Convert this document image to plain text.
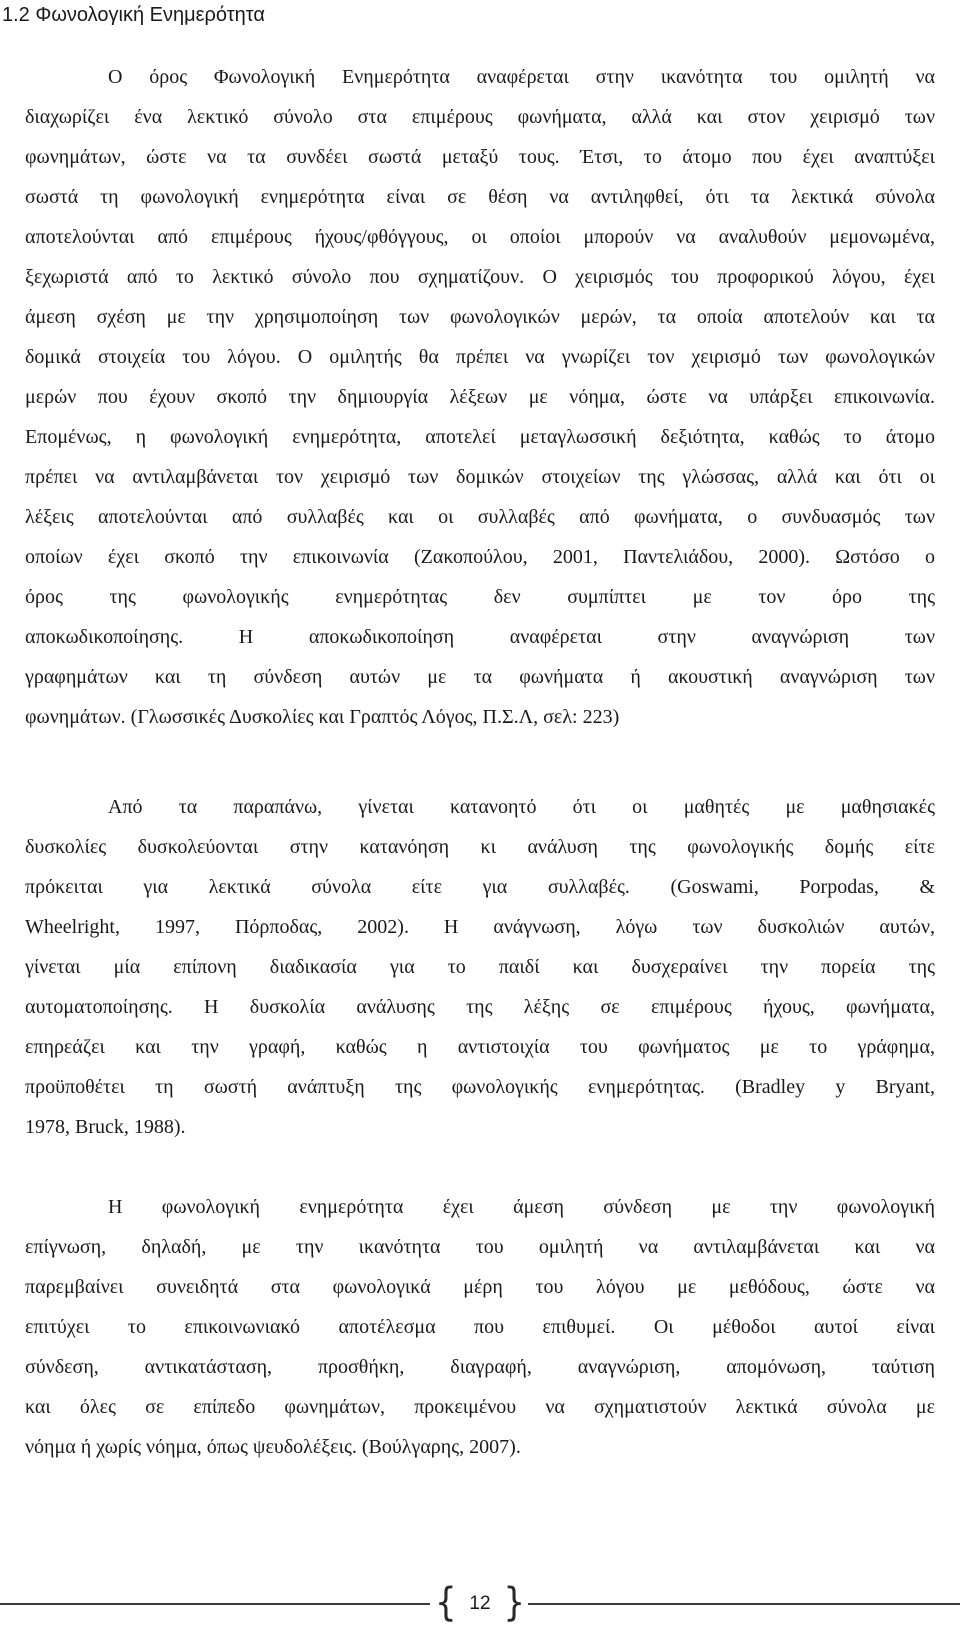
1.2 Φωνολογική Ενημερότητα
Ο όρος Φωνολογική Ενημερότητα αναφέρεται στην ικανότητα του ομιλητή να
διαχωρίζει ένα λεκτικό σύνολο στα επιμέρους φωνήματα, αλλά και στον χειρισμό των
φωνημάτων, ώστε να τα συνδέει σωστά μεταξύ τους. Έτσι, το άτομο που έχει αναπτύξει
σωστά τη φωνολογική ενημερότητα είναι σε θέση να αντιληφθεί, ότι τα λεκτικά σύνολα
αποτελούνται από επιμέρους ήχους/φθόγγους, οι οποίοι μπορούν να αναλυθούν μεμονωμένα,
ξεχωριστά από το λεκτικό σύνολο που σχηματίζουν. Ο χειρισμός του προφορικού λόγου, έχει
άμεση σχέση με την χρησιμοποίηση των φωνολογικών μερών, τα οποία αποτελούν και τα
δομικά στοιχεία του λόγου. Ο ομιλητής θα πρέπει να γνωρίζει τον χειρισμό των φωνολογικών
μερών που έχουν σκοπό την δημιουργία λέξεων με νόημα, ώστε να υπάρξει επικοινωνία.
Επομένως, η φωνολογική ενημερότητα, αποτελεί μεταγλωσσική δεξιότητα, καθώς το άτομο
πρέπει να αντιλαμβάνεται τον χειρισμό των δομικών στοιχείων της γλώσσας, αλλά και ότι οι
λέξεις αποτελούνται από συλλαβές και οι συλλαβές από φωνήματα, ο συνδυασμός των
οποίων έχει σκοπό την επικοινωνία (Ζακοπούλου, 2001, Παντελιάδου, 2000). Ωστόσο ο
όρος της φωνολογικής ενημερότητας δεν συμπίπτει με τον όρο της
αποκωδικοποίησης. Η αποκωδικοποίηση αναφέρεται στην αναγνώριση των
γραφημάτων και τη σύνδεση αυτών με τα φωνήματα ή ακουστική αναγνώριση των
φωνημάτων. (Γλωσσικές Δυσκολίες και Γραπτός Λόγος, Π.Σ.Λ, σελ: 223)
Από τα παραπάνω, γίνεται κατανοητό ότι οι μαθητές με μαθησιακές
δυσκολίες δυσκολεύονται στην κατανόηση κι ανάλυση της φωνολογικής δομής είτε
πρόκειται για λεκτικά σύνολα είτε για συλλαβές. (Goswami, Porpodas, &
Wheelright, 1997, Πόρποδας, 2002). Η ανάγνωση, λόγω των δυσκολιών αυτών,
γίνεται μία επίπονη διαδικασία για το παιδί και δυσχεραίνει την πορεία της
αυτοματοποίησης. Η δυσκολία ανάλυσης της λέξης σε επιμέρους ήχους, φωνήματα,
επηρεάζει και την γραφή, καθώς η αντιστοιχία του φωνήματος με το γράφημα,
προϋποθέτει τη σωστή ανάπτυξη της φωνολογικής ενημερότητας. (Bradley y Bryant,
1978, Bruck, 1988).
Η φωνολογική ενημερότητα έχει άμεση σύνδεση με την φωνολογική
επίγνωση, δηλαδή, με την ικανότητα του ομιλητή να αντιλαμβάνεται και να
παρεμβαίνει συνειδητά στα φωνολογικά μέρη του λόγου με μεθόδους, ώστε να
επιτύχει το επικοινωνιακό αποτέλεσμα που επιθυμεί. Οι μέθοδοι αυτοί είναι
σύνδεση, αντικατάσταση, προσθήκη, διαγραφή, αναγνώριση, απομόνωση, ταύτιση
και όλες σε επίπεδο φωνημάτων, προκειμένου να σχηματιστούν λεκτικά σύνολα με
νόημα ή χωρίς νόημα, όπως ψευδολέξεις. (Βούλγαρης, 2007).
{ 12 }
